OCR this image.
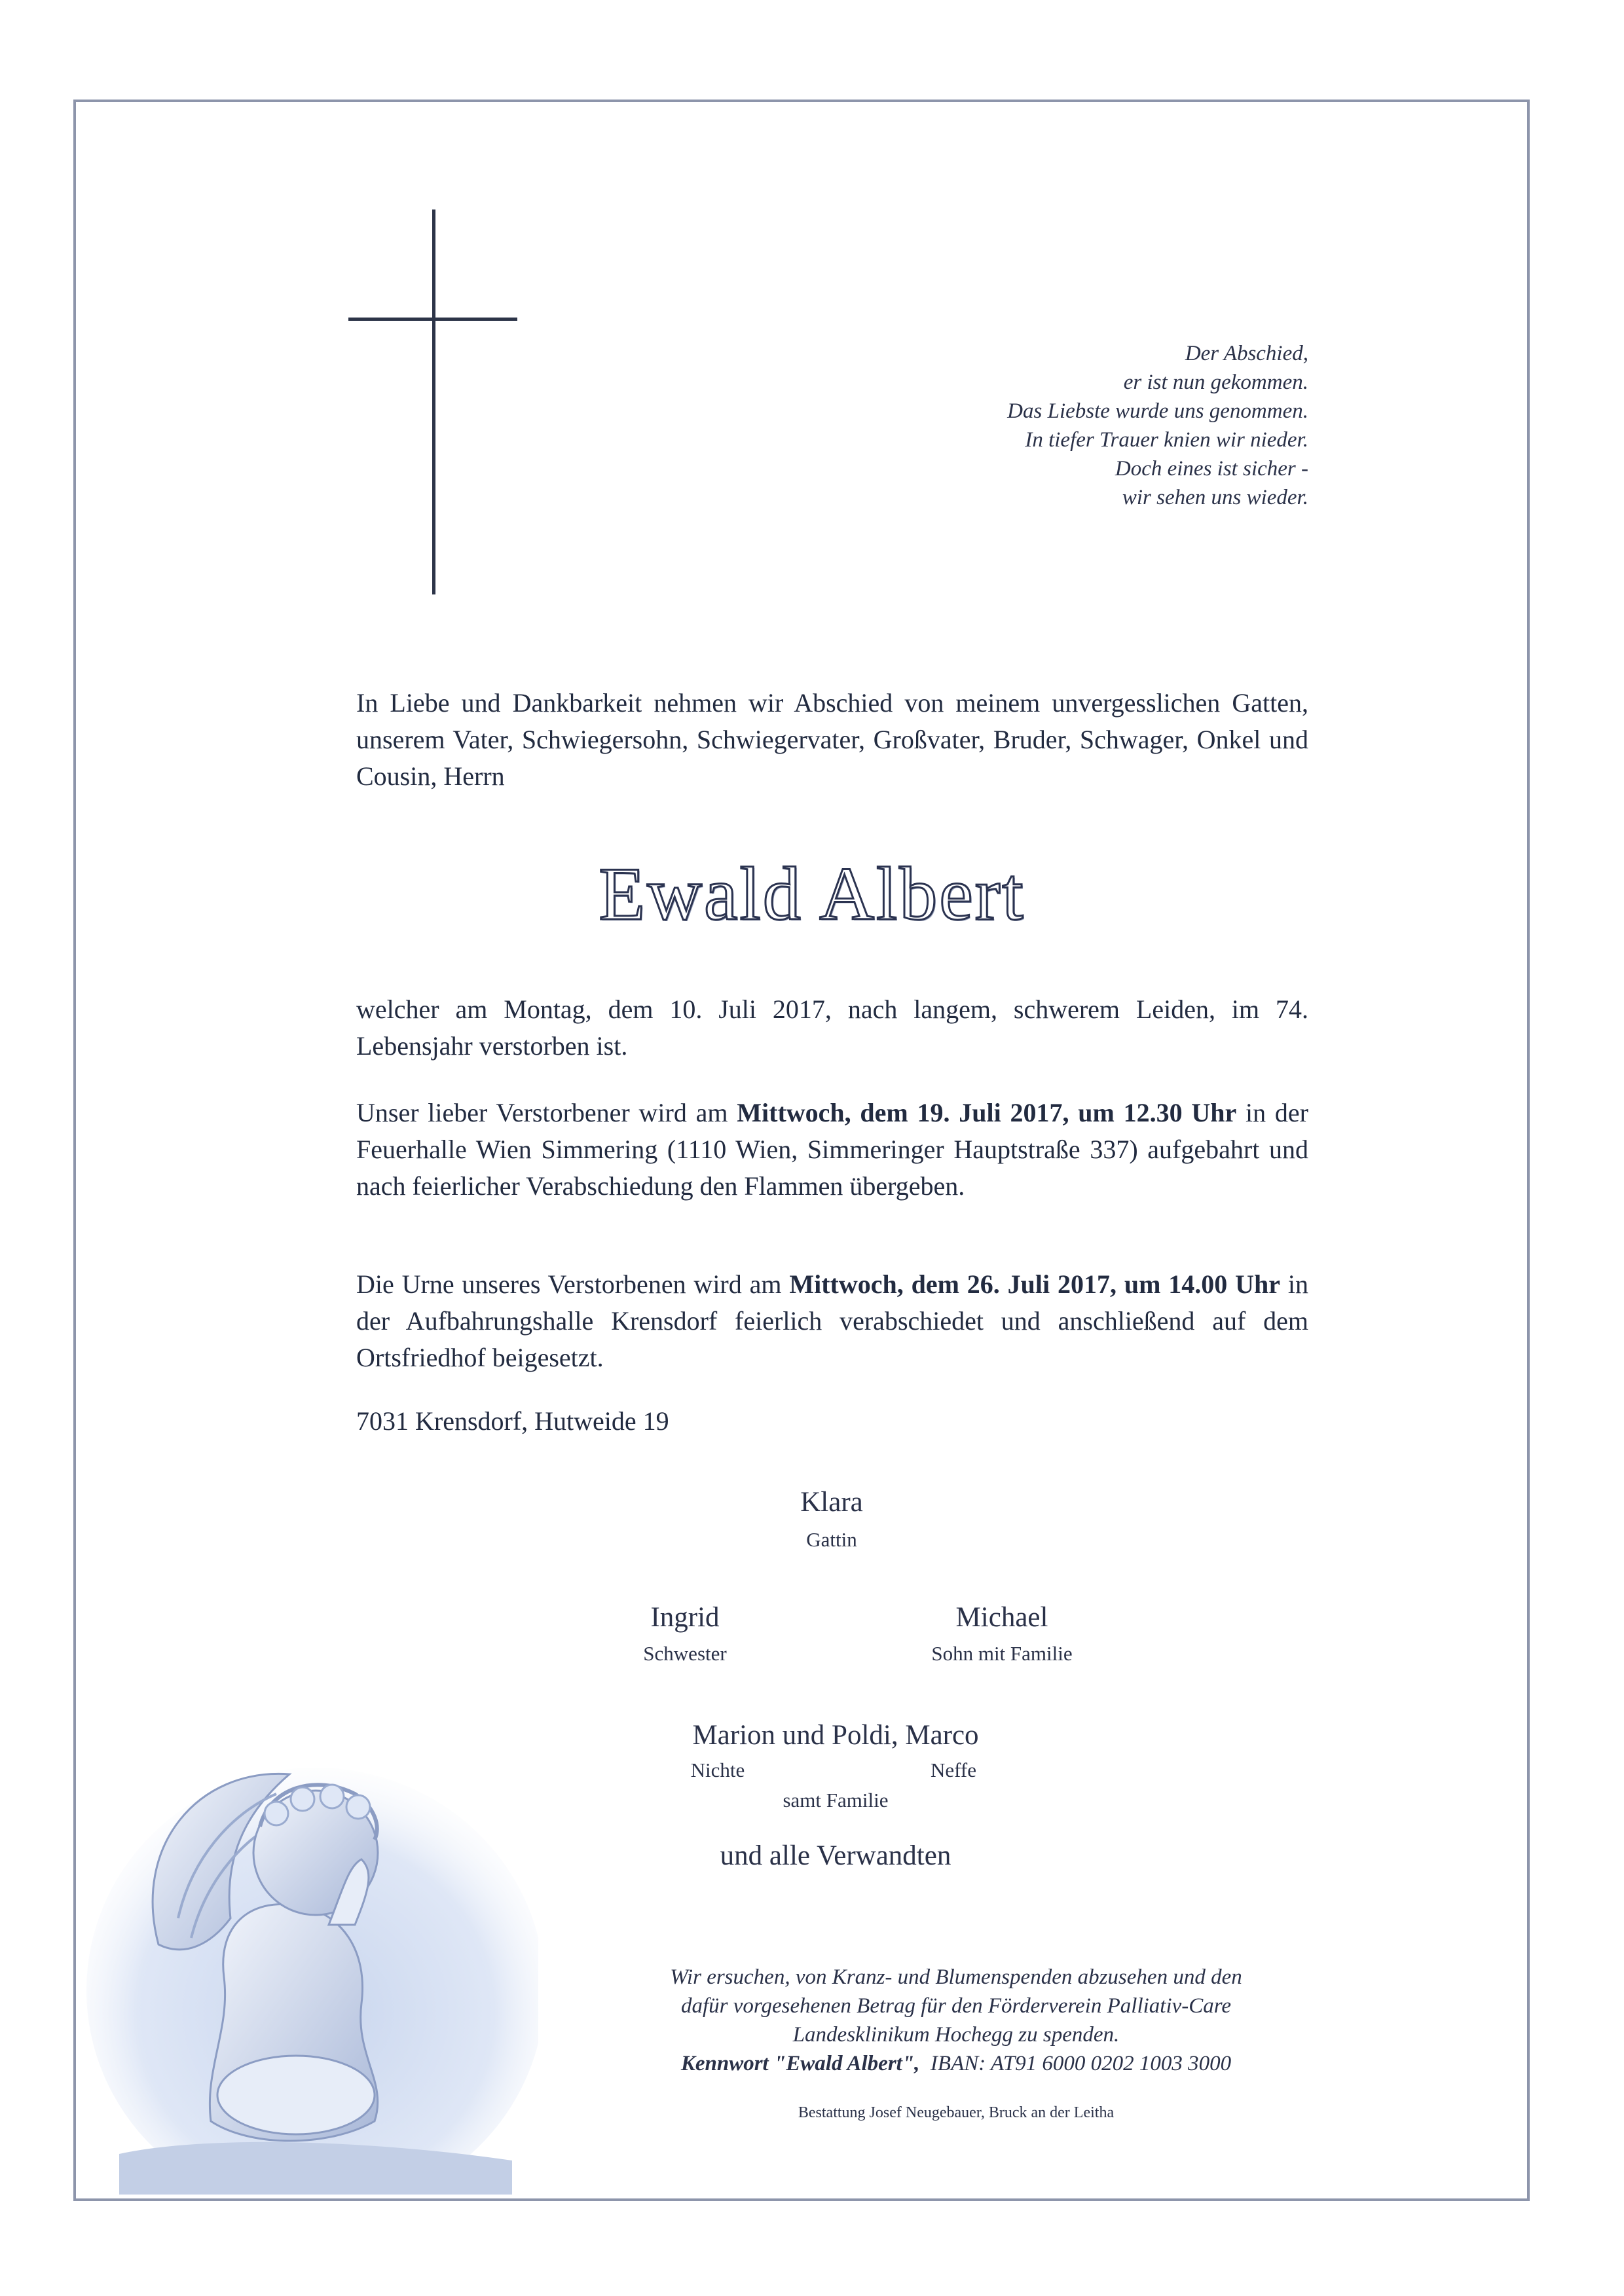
Der Abschied,
er ist nun gekommen.
Das Liebste wurde uns genommen.
In tiefer Trauer knien wir nieder.
Doch eines ist sicher -
wir sehen uns wieder.
In Liebe und Dankbarkeit nehmen wir Abschied von meinem unvergesslichen Gatten, unserem Vater, Schwiegersohn, Schwiegervater, Großvater, Bruder, Schwager, Onkel und Cousin, Herrn
Ewald Albert
welcher am Montag, dem 10. Juli 2017, nach langem, schwerem Leiden, im 74. Lebensjahr verstorben ist.
Unser lieber Verstorbener wird am Mittwoch, dem 19. Juli 2017, um 12.30 Uhr in der Feuerhalle Wien Simmering (1110 Wien, Simmeringer Hauptstraße 337) aufgebahrt und nach feierlicher Verabschiedung den Flammen übergeben.
Die Urne unseres Verstorbenen wird am Mittwoch, dem 26. Juli 2017, um 14.00 Uhr in der Aufbahrungshalle Krensdorf feierlich verabschiedet und anschließend auf dem Ortsfriedhof beigesetzt.
7031 Krensdorf, Hutweide 19
Klara
Gattin
Ingrid
Schwester
Michael
Sohn mit Familie
Marion und Poldi, Marco
Nichte	Neffe
samt Familie
und alle Verwandten
Wir ersuchen, von Kranz- und Blumenspenden abzusehen und den
dafür vorgesehenen Betrag für den Förderverein Palliativ-Care
Landesklinikum Hochegg zu spenden.
Kennwort "Ewald Albert", IBAN: AT91 6000 0202 1003 3000
Bestattung Josef Neugebauer, Bruck an der Leitha
